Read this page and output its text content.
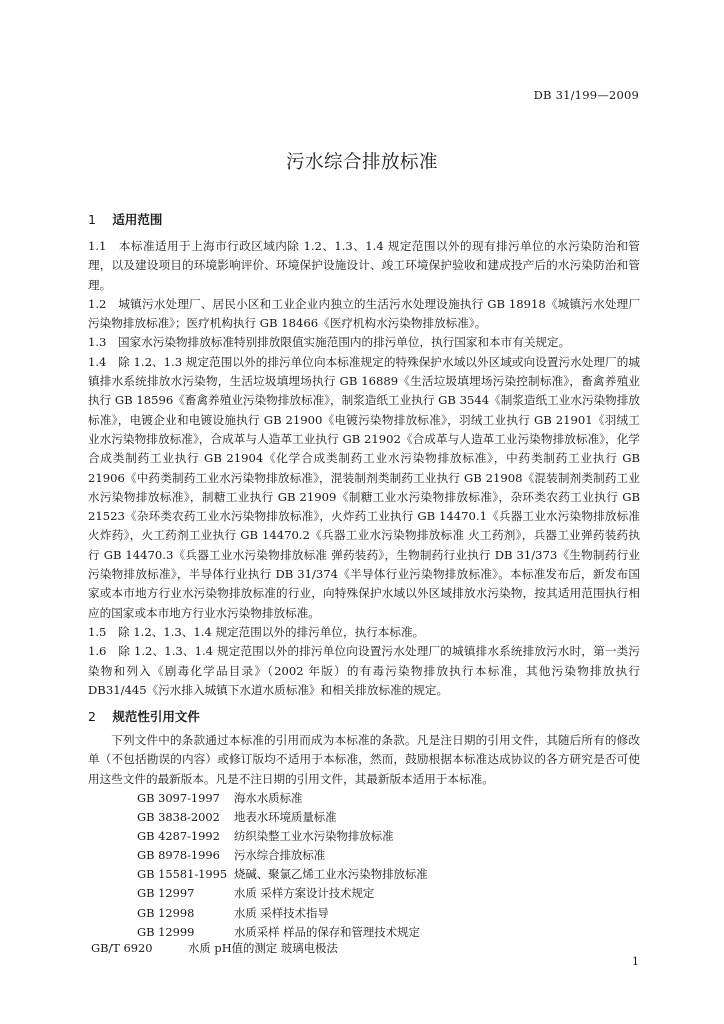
DB 31/199—2009
污水综合排放标准
1 适用范围

1.1　本标准适用于上海市行政区域内除 1.2、1.3、1.4 规定范围以外的现有排污单位的水污染防治和管理，以及建设项目的环境影响评价、环境保护设施设计、竣工环境保护验收和建成投产后的水污染防治和管理。

1.2　城镇污水处理厂、居民小区和工业企业内独立的生活污水处理设施执行 GB 18918《城镇污水处理厂污染物排放标准》；医疗机构执行 GB 18466《医疗机构水污染物排放标准》。

1.3　国家水污染物排放标准特别排放限值实施范围内的排污单位，执行国家和本市有关规定。

1.4　除 1.2、1.3 规定范围以外的排污单位向本标准规定的特殊保护水域以外区域或向设置污水处理厂的城镇排水系统排放水污染物，生活垃圾填埋场执行 GB 16889《生活垃圾填埋场污染控制标准》，畜禽养殖业执行 GB 18596《畜禽养殖业污染物排放标准》，制浆造纸工业执行 GB 3544《制浆造纸工业水污染物排放标准》，电镀企业和电镀设施执行 GB 21900《电镀污染物排放标准》，羽绒工业执行 GB 21901《羽绒工业水污染物排放标准》，合成革与人造革工业执行 GB 21902《合成革与人造革工业污染物排放标准》，化学合成类制药工业执行 GB 21904《化学合成类制药工业水污染物排放标准》，中药类制药工业执行 GB 21906《中药类制药工业水污染物排放标准》，混装制剂类制药工业执行 GB 21908《混装制剂类制药工业水污染物排放标准》，制糖工业执行 GB 21909《制糖工业水污染物排放标准》，杂环类农药工业执行 GB 21523《杂环类农药工业水污染物排放标准》，火炸药工业执行 GB 14470.1《兵器工业水污染物排放标准 火炸药》，火工药剂工业执行 GB 14470.2《兵器工业水污染物排放标准 火工药剂》，兵器工业弹药装药执行 GB 14470.3《兵器工业水污染物排放标准 弹药装药》，生物制药行业执行 DB 31/373《生物制药行业污染物排放标准》，半导体行业执行 DB 31/374《半导体行业污染物排放标准》。本标准发布后，新发布国家或本市地方行业水污染物排放标准的行业，向特殊保护水域以外区域排放水污染物，按其适用范围执行相应的国家或本市地方行业水污染物排放标准。

1.5　除 1.2、1.3、1.4 规定范围以外的排污单位，执行本标准。

1.6　除 1.2、1.3、1.4 规定范围以外的排污单位向设置污水处理厂的城镇排水系统排放污水时，第一类污染物和列入《剧毒化学品目录》（2002 年版）的有毒污染物排放执行本标准，其他污染物排放执行 DB31/445《污水排入城镇下水道水质标准》和相关排放标准的规定。

2 规范性引用文件

下列文件中的条款通过本标准的引用而成为本标准的条款。凡是注日期的引用文件，其随后所有的修改单（不包括勘误的内容）或修订版均不适用于本标准，然而，鼓励根据本标准达成协议的各方研究是否可使用这些文件的最新版本。凡是不注日期的引用文件，其最新版本适用于本标准。

GB 3097-1997 海水水质标准
GB 3838-2002 地表水环境质量标准
GB 4287-1992 纺织染整工业水污染物排放标准
GB 8978-1996 污水综合排放标准
GB 15581-1995 烧碱、聚氯乙烯工业水污染物排放标准
GB 12997	水质 采样方案设计技术规定
GB 12998	水质 采样技术指导
GB 12999	水质采样 样品的保存和管理技术规定
GB/T 6920	水质 pH值的测定 玻璃电极法
1
